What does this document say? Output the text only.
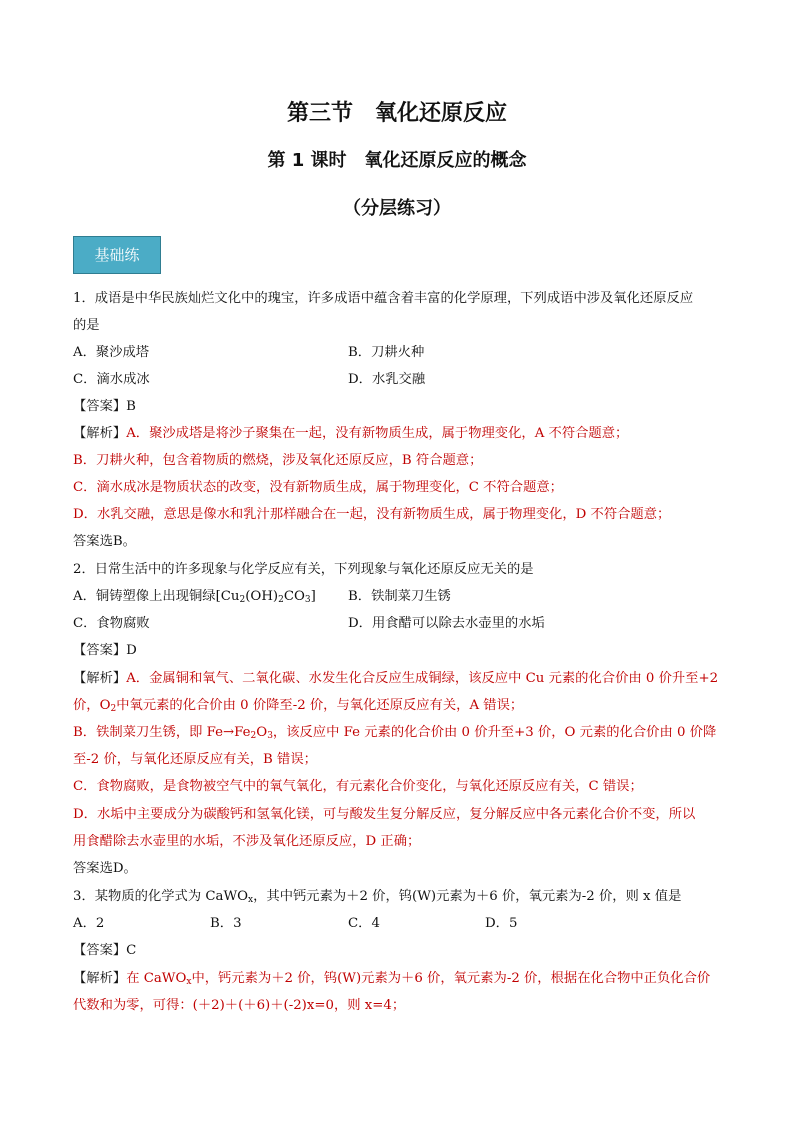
第三节　氧化还原反应
第 1 课时　氧化还原反应的概念
（分层练习）
基础练
1．成语是中华民族灿烂文化中的瑰宝，许多成语中蕴含着丰富的化学原理，下列成语中涉及氧化还原反应
的是
A．聚沙成塔	B．刀耕火种
C．滴水成冰	D．水乳交融
【答案】B
【解析】A．聚沙成塔是将沙子聚集在一起，没有新物质生成，属于物理变化，A 不符合题意；
B．刀耕火种，包含着物质的燃烧，涉及氧化还原反应，B 符合题意；
C．滴水成冰是物质状态的改变，没有新物质生成，属于物理变化，C 不符合题意；
D．水乳交融，意思是像水和乳汁那样融合在一起，没有新物质生成，属于物理变化，D 不符合题意；
答案选B。
2．日常生活中的许多现象与化学反应有关，下列现象与氧化还原反应无关的是
A．铜铸塑像上出现铜绿$[Cu_2(OH)_2CO_3]$ B．铁制菜刀生锈
C．食物腐败	D．用食醋可以除去水壶里的水垢
【答案】D
【解析】A．金属铜和氧气、二氧化碳、水发生化合反应生成铜绿，该反应中 Cu 元素的化合价由 0 价升至+2
价，$O_2$中氧元素的化合价由 0 价降至-2 价，与氧化还原反应有关，A 错误；
B．铁制菜刀生锈，即 $Fe\to Fe_2O_3$，该反应中 Fe 元素的化合价由 0 价升至+3 价，O 元素的化合价由 0 价降
至-2 价，与氧化还原反应有关，B 错误；
C．食物腐败，是食物被空气中的氧气氧化，有元素化合价变化，与氧化还原反应有关，C 错误；
D．水垢中主要成分为碳酸钙和氢氧化镁，可与酸发生复分解反应，复分解反应中各元素化合价不变，所以
用食醋除去水壶里的水垢，不涉及氧化还原反应，D 正确；
答案选D。
3．某物质的化学式为 CaWO$_x$，其中钙元素为＋2 价，钨(W)元素为＋6 价，氧元素为-2 价，则 x 值是
A．2	B．3	C．4	D．5
【答案】C
【解析】在 CaWO$_x$中，钙元素为＋2 价，钨(W)元素为＋6 价，氧元素为-2 价，根据在化合物中正负化合价
代数和为零，可得：(＋2)＋(＋6)＋(-2)x=0，则 x=4；
